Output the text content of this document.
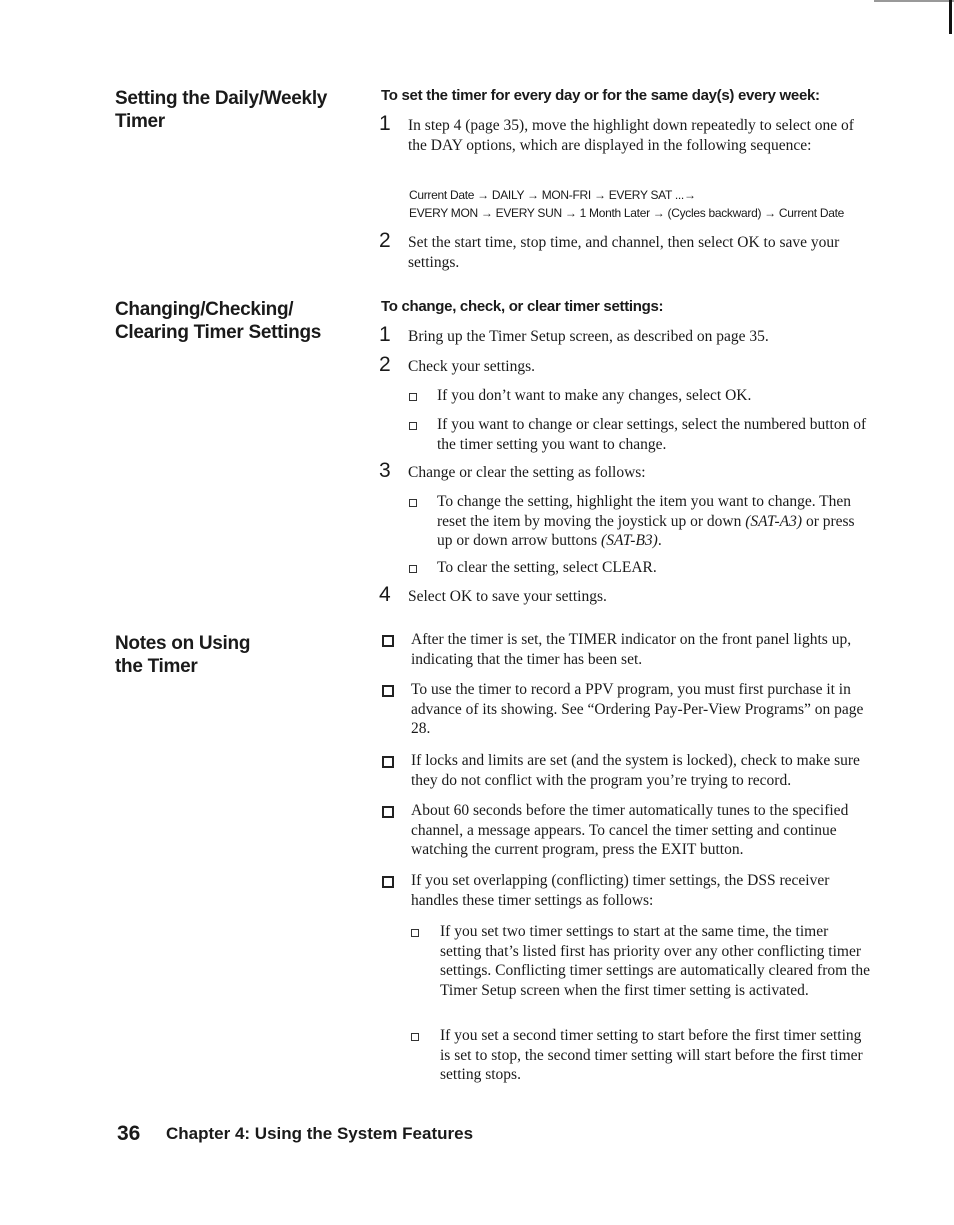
Setting the Daily/Weekly
Timer
To set the timer for every day or for the same day(s) every week:
1 In step 4 (page 35), move the highlight down repeatedly to select one of the DAY options, which are displayed in the following sequence:
Current Date → DAILY → MON-FRI → EVERY SAT ...→
EVERY MON → EVERY SUN → 1 Month Later → (Cycles backward) → Current Date
2 Set the start time, stop time, and channel, then select OK to save your settings.
Changing/Checking/
Clearing Timer Settings
To change, check, or clear timer settings:
1 Bring up the Timer Setup screen, as described on page 35.
2 Check your settings.
If you don’t want to make any changes, select OK.
If you want to change or clear settings, select the numbered button of the timer setting you want to change.
3 Change or clear the setting as follows:
To change the setting, highlight the item you want to change. Then reset the item by moving the joystick up or down (SAT-A3) or press up or down arrow buttons (SAT-B3).
To clear the setting, select CLEAR.
4 Select OK to save your settings.
Notes on Using
the Timer
After the timer is set, the TIMER indicator on the front panel lights up, indicating that the timer has been set.
To use the timer to record a PPV program, you must first purchase it in advance of its showing. See “Ordering Pay-Per-View Programs” on page 28.
If locks and limits are set (and the system is locked), check to make sure they do not conflict with the program you’re trying to record.
About 60 seconds before the timer automatically tunes to the specified channel, a message appears. To cancel the timer setting and continue watching the current program, press the EXIT button.
If you set overlapping (conflicting) timer settings, the DSS receiver handles these timer settings as follows:
If you set two timer settings to start at the same time, the timer setting that’s listed first has priority over any other conflicting timer settings. Conflicting timer settings are automatically cleared from the Timer Setup screen when the first timer setting is activated.
If you set a second timer setting to start before the first timer setting is set to stop, the second timer setting will start before the first timer setting stops.
36 Chapter 4: Using the System Features
